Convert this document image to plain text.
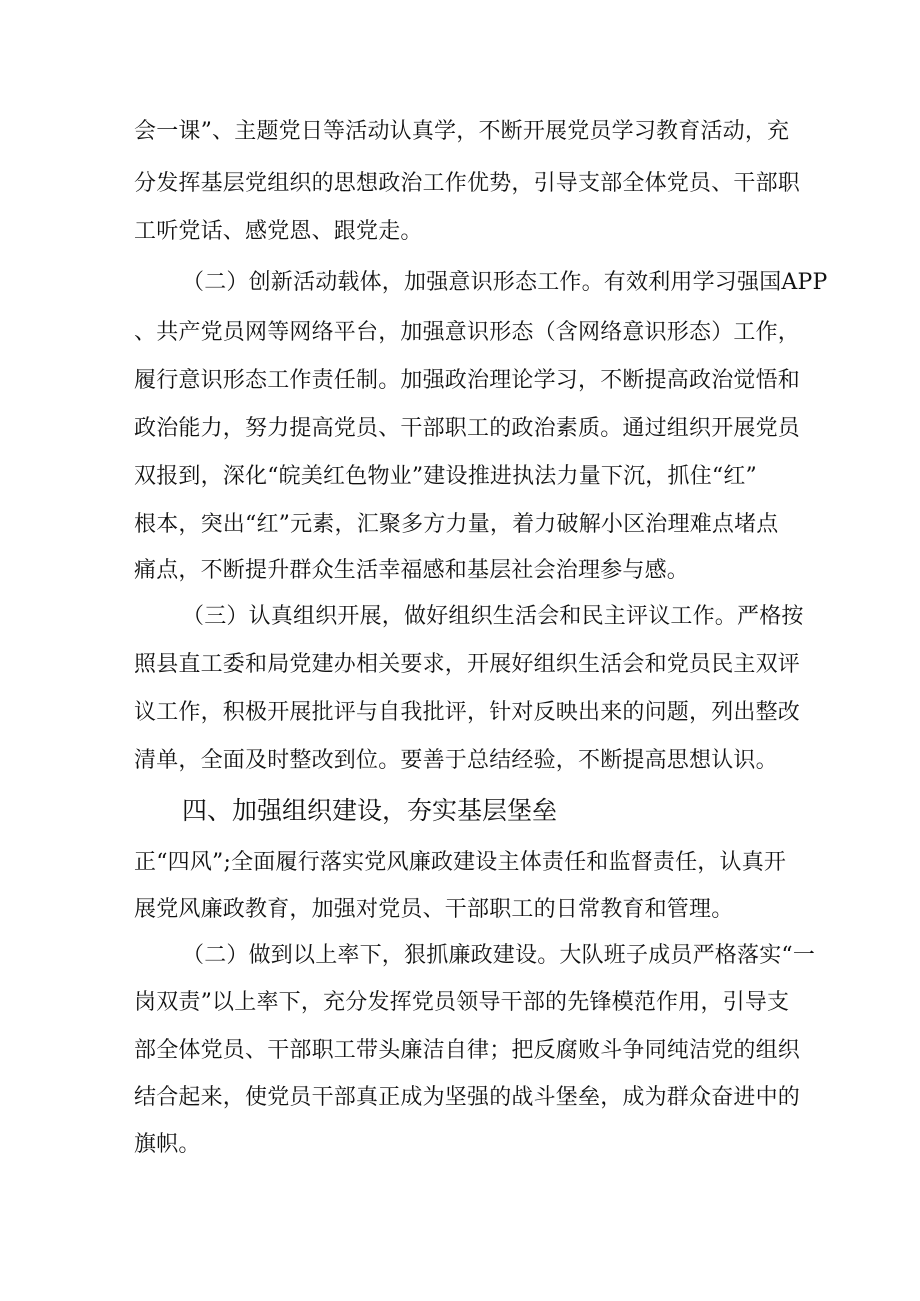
会一课”、主题党日等活动认真学，不断开展党员学习教育活动，充
分发挥基层党组织的思想政治工作优势，引导支部全体党员、干部职
工听党话、感党恩、跟党走。
（二）创新活动载体，加强意识形态工作。有效利用学习强国APP
、共产党员网等网络平台，加强意识形态（含网络意识形态）工作，
履行意识形态工作责任制。加强政治理论学习，不断提高政治觉悟和
政治能力，努力提高党员、干部职工的政治素质。通过组织开展党员
双报到，深化“皖美红色物业”建设推进执法力量下沉，抓住“红”
根本，突出“红”元素，汇聚多方力量，着力破解小区治理难点堵点
痛点，不断提升群众生活幸福感和基层社会治理参与感。
（三）认真组织开展，做好组织生活会和民主评议工作。严格按
照县直工委和局党建办相关要求，开展好组织生活会和党员民主双评
议工作，积极开展批评与自我批评，针对反映出来的问题，列出整改
清单，全面及时整改到位。要善于总结经验，不断提高思想认识。
四、加强组织建设，夯实基层堡垒
正“四风”;全面履行落实党风廉政建设主体责任和监督责任，认真开
展党风廉政教育，加强对党员、干部职工的日常教育和管理。
（二）做到以上率下，狠抓廉政建设。大队班子成员严格落实“一
岗双责”以上率下，充分发挥党员领导干部的先锋模范作用，引导支
部全体党员、干部职工带头廉洁自律；把反腐败斗争同纯洁党的组织
结合起来，使党员干部真正成为坚强的战斗堡垒，成为群众奋进中的
旗帜。
